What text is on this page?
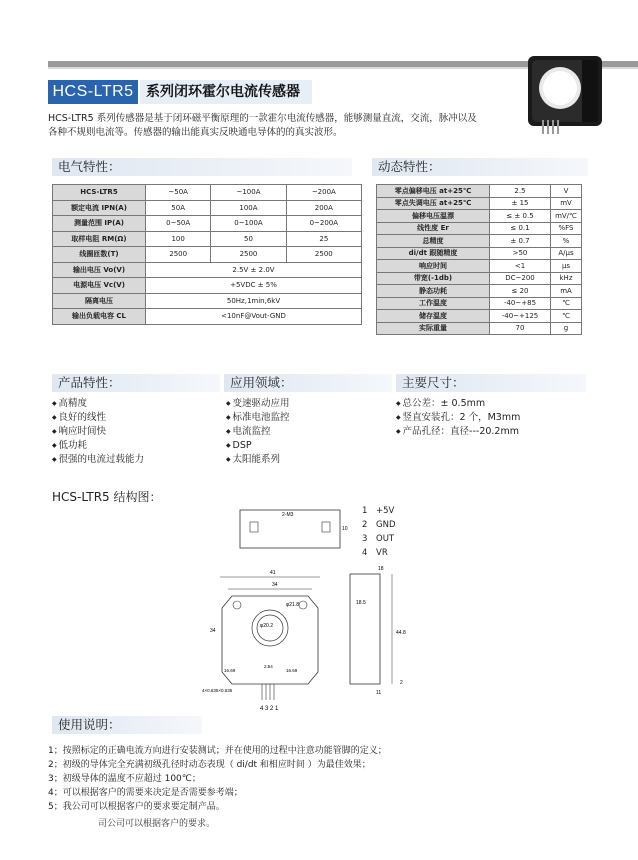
HCS-LTR5 系列闭环霍尔电流传感器
HCS-LTR5 系列传感器是基于闭环磁平衡原理的一款霍尔电流传感器，能够测量直流，交流，脉冲以及
各种不规则电流等。传感器的输出能真实反映通电导体的的真实波形。
电气特性：
HCS-LTR5	~50A	~100A	~200A
额定电流 IPN(A)	50A	100A	200A
测量范围 IP(A)	0~50A	0~100A	0~200A
取样电阻 RM(Ω)	100	50	25
线圈匝数(T)	2500	2500	2500
输出电压 Vo(V)	2.5V ± 2.0V		
电源电压 Vc(V)	+5VDC ± 5%		
隔离电压	50Hz,1min,6kV		
输出负载电容 CL	<10nF@Vout-GND		
动态特性：
零点偏移电压 at+25℃	2.5	V
零点失调电压 at+25℃	± 15	mV
偏移电压温漂	≤ ± 0.5	mV/℃
线性度 Er	≤ 0.1	%FS
总精度	± 0.7	%
di/dt 跟随精度	>50	A/μs
响应时间	<1	μs
带宽(-1db)	DC~200	kHz
静态功耗	≤ 20	mA
工作温度	-40~+85	℃
储存温度	-40~+125	℃
实际重量	70	g
产品特性：
◆ 高精度
◆ 良好的线性
◆ 响应时间快
◆ 低功耗
◆ 很强的电流过载能力
应用领域：
◆ 变速驱动应用
◆ 标准电池监控
◆ 电流监控
◆ DSP
◆ 太阳能系列
主要尺寸：
◆ 总公差：± 0.5mm
◆ 竖直安装孔：2 个，M3mm
◆ 产品孔径：直径---20.2mm
HCS-LTR5 结构图：
2-M3
10
41
34
φ21.8
φ20.2
34
16.69	16.69
2.54
4×0.635×0.635
4 3 2 1
18
18.5
44.8
11
2
1 +5V
2 GND
3 OUT
4 VR
使用说明：
1；按照标定的正确电流方向进行安装测试；并在使用的过程中注意功能管脚的定义；
2；初级的导体完全充满初级孔径时动态表现（ di/dt 和相应时间 ）为最佳效果；
3；初级导体的温度不应超过 100℃；
4；可以根据客户的需要来决定是否需要参考端；
5；我公司可以根据客户的要求要定制产品。
司公司可以根据客户的要求。
